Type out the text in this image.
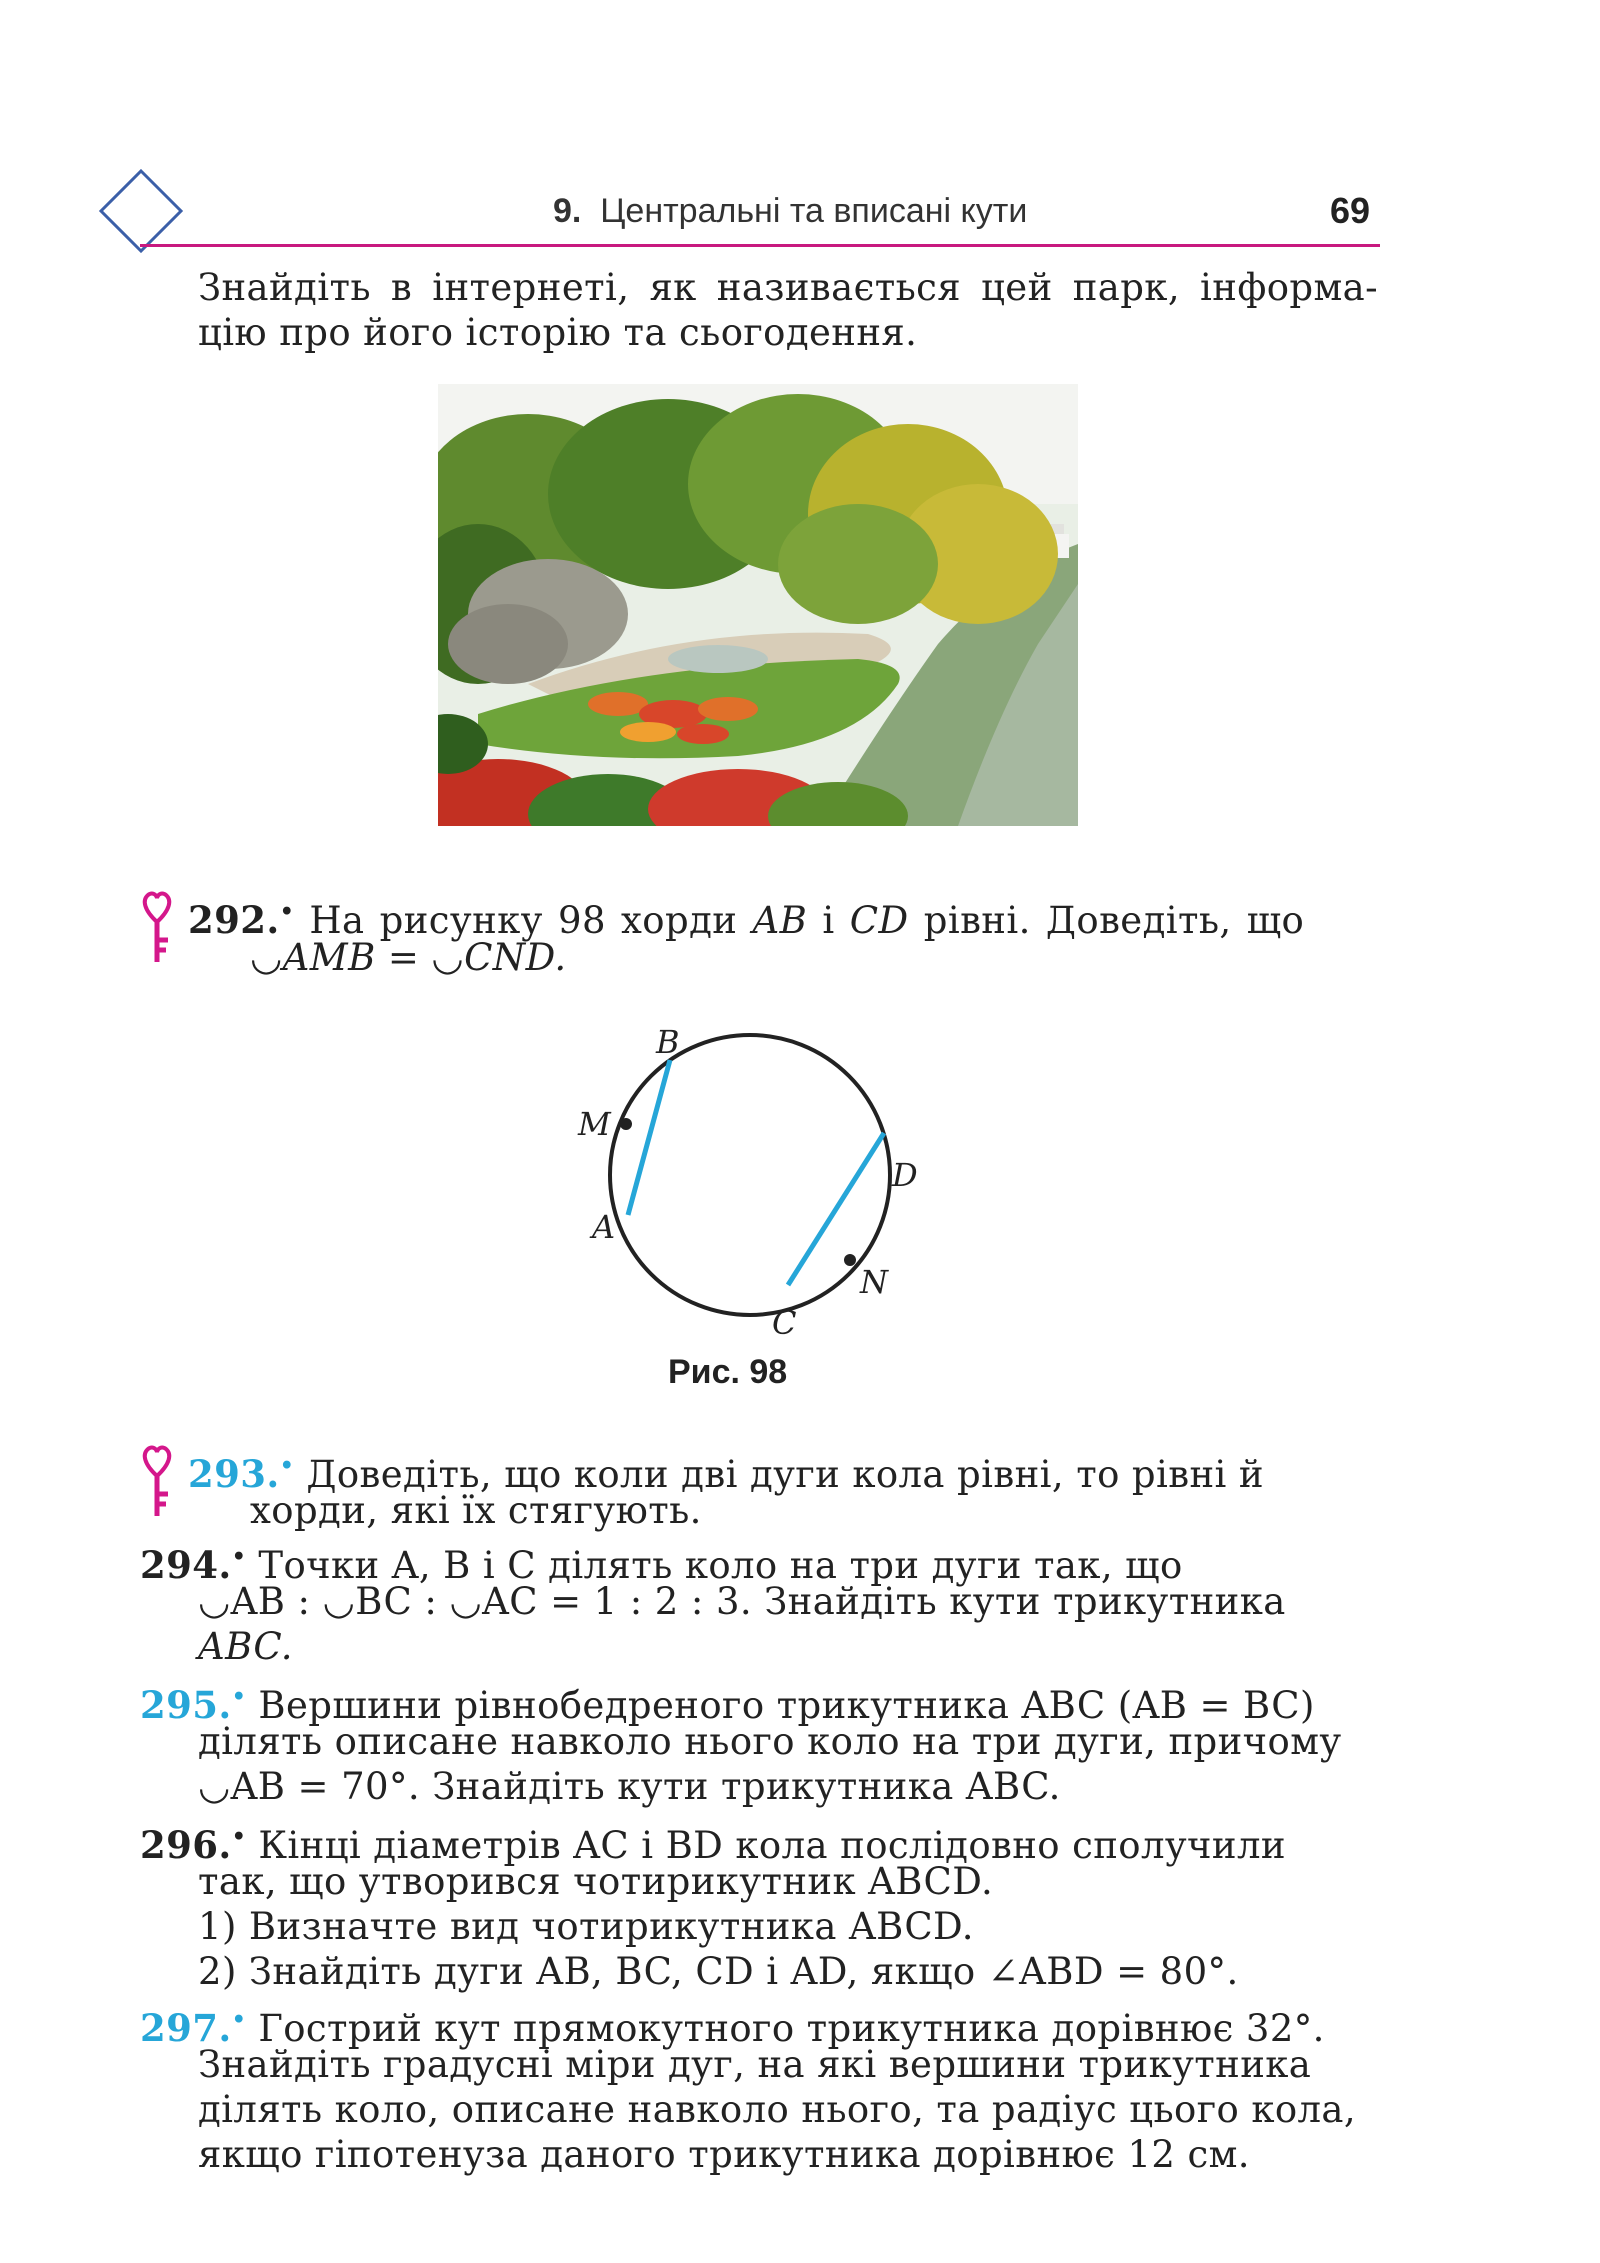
9. Центральні та вписані кути	69
Знайдіть в інтернеті, як називається цей парк, інформа-
цію про його історію та сьогодення.
292.• На рисунку 98 хорди AB і CD рівні. Доведіть, що
◡AMB = ◡CND.
B
M
A
D
N
C
Рис. 98
293.• Доведіть, що коли дві дуги кола рівні, то рівні й
хорди, які їх стягують.
294.• Точки A, B і C ділять коло на три дуги так, що
◡AB : ◡BC : ◡AC = 1 : 2 : 3. Знайдіть кути трикутника
ABC.
295.• Вершини рівнобедреного трикутника ABC (AB = BC)
ділять описане навколо нього коло на три дуги, причому
◡AB = 70°. Знайдіть кути трикутника ABC.
296.• Кінці діаметрів AC і BD кола послідовно сполучили
так, що утворився чотирикутник ABCD.
1) Визначте вид чотирикутника ABCD.
2) Знайдіть дуги AB, BC, CD і AD, якщо ∠ABD = 80°.
297.• Гострий кут прямокутного трикутника дорівнює 32°.
Знайдіть градусні міри дуг, на які вершини трикутника
ділять коло, описане навколо нього, та радіус цього кола,
якщо гіпотенуза даного трикутника дорівнює 12 см.
